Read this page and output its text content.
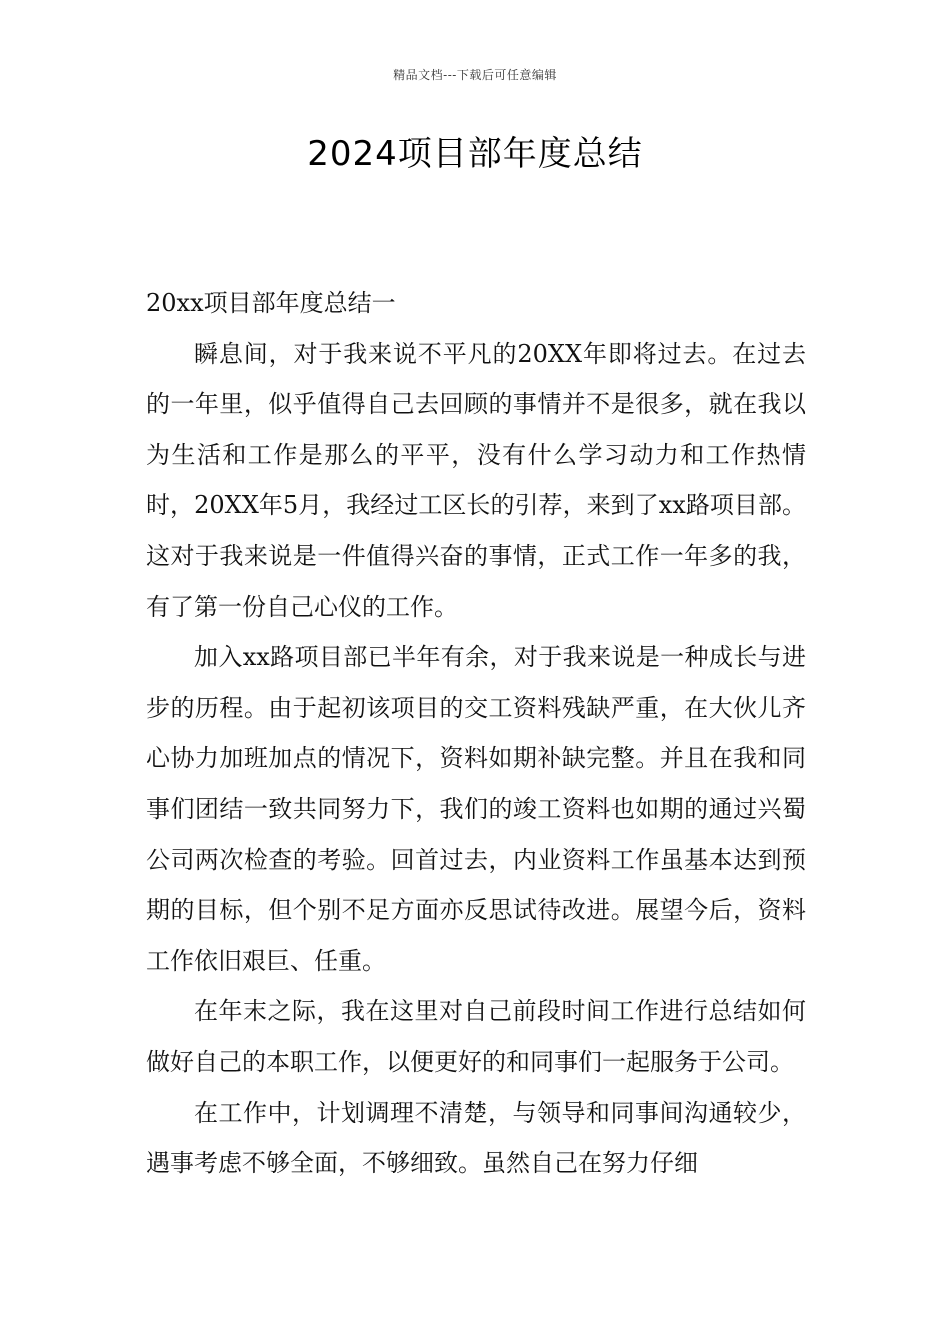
精品文档---下载后可任意编辑
2024项目部年度总结

20xx项目部年度总结一

瞬息间，对于我来说不平凡的20XX年即将过去。在过去的一年里，似乎值得自己去回顾的事情并不是很多，就在我以为生活和工作是那么的平平，没有什么学习动力和工作热情时，20XX年5月，我经过工区长的引荐，来到了xx路项目部。这对于我来说是一件值得兴奋的事情，正式工作一年多的我，有了第一份自己心仪的工作。

加入xx路项目部已半年有余，对于我来说是一种成长与进步的历程。由于起初该项目的交工资料残缺严重，在大伙儿齐心协力加班加点的情况下，资料如期补缺完整。并且在我和同事们团结一致共同努力下，我们的竣工资料也如期的通过兴蜀公司两次检查的考验。回首过去，内业资料工作虽基本达到预期的目标，但个别不足方面亦反思试待改进。展望今后，资料工作依旧艰巨、任重。

在年末之际，我在这里对自己前段时间工作进行总结如何做好自己的本职工作，以便更好的和同事们一起服务于公司。

在工作中，计划调理不清楚，与领导和同事间沟通较少，遇事考虑不够全面，不够细致。虽然自己在努力仔细
